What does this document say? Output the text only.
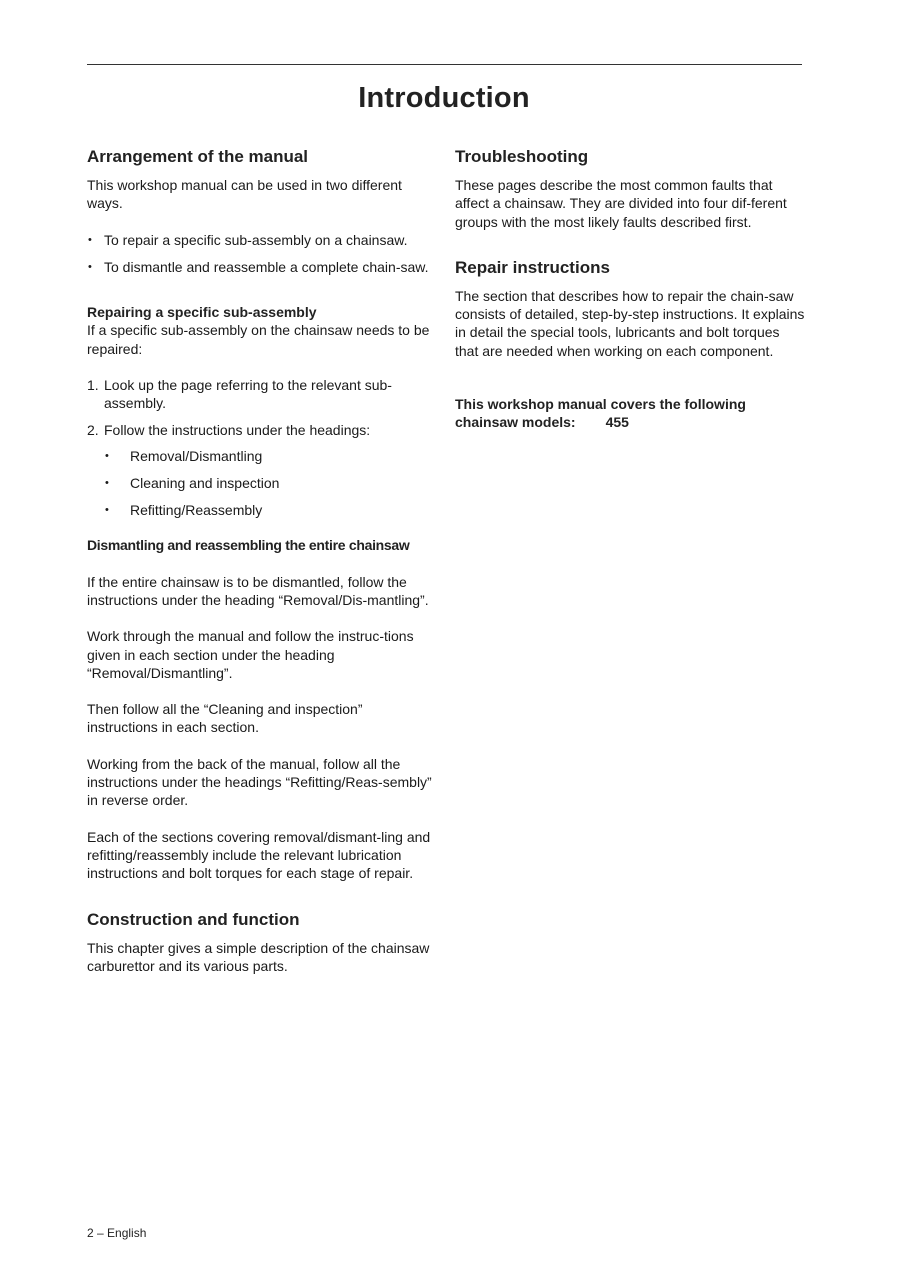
Introduction
Arrangement of the manual

This workshop manual can be used in two different ways.

• To repair a specific sub-assembly on a chainsaw.
• To dismantle and reassemble a complete chain-saw.
Repairing a specific sub-assembly

If a specific sub-assembly on the chainsaw needs to be repaired:

1. Look up the page referring to the relevant sub-assembly.
2. Follow the instructions under the headings:
• Removal/Dismantling
• Cleaning and inspection
• Refitting/Reassembly
Dismantling and reassembling the entire chainsaw

If the entire chainsaw is to be dismantled, follow the instructions under the heading “Removal/Dis-mantling”.

Work through the manual and follow the instruc-tions given in each section under the heading “Removal/Dismantling”.

Then follow all the “Cleaning and inspection” instructions in each section.

Working from the back of the manual, follow all the instructions under the headings “Refitting/Reas-sembly” in reverse order.

Each of the sections covering removal/dismant-ling and refitting/reassembly include the relevant lubrication instructions and bolt torques for each stage of repair.

Construction and function

This chapter gives a simple description of the chainsaw carburettor and its various parts.

Troubleshooting

These pages describe the most common faults that affect a chainsaw. They are divided into four dif-ferent groups with the most likely faults described first.

Repair instructions

The section that describes how to repair the chain-saw consists of detailed, step-by-step instructions. It explains in detail the special tools, lubricants and bolt torques that are needed when working on each component.

This workshop manual covers the following
chainsaw models: 455
2 – English
